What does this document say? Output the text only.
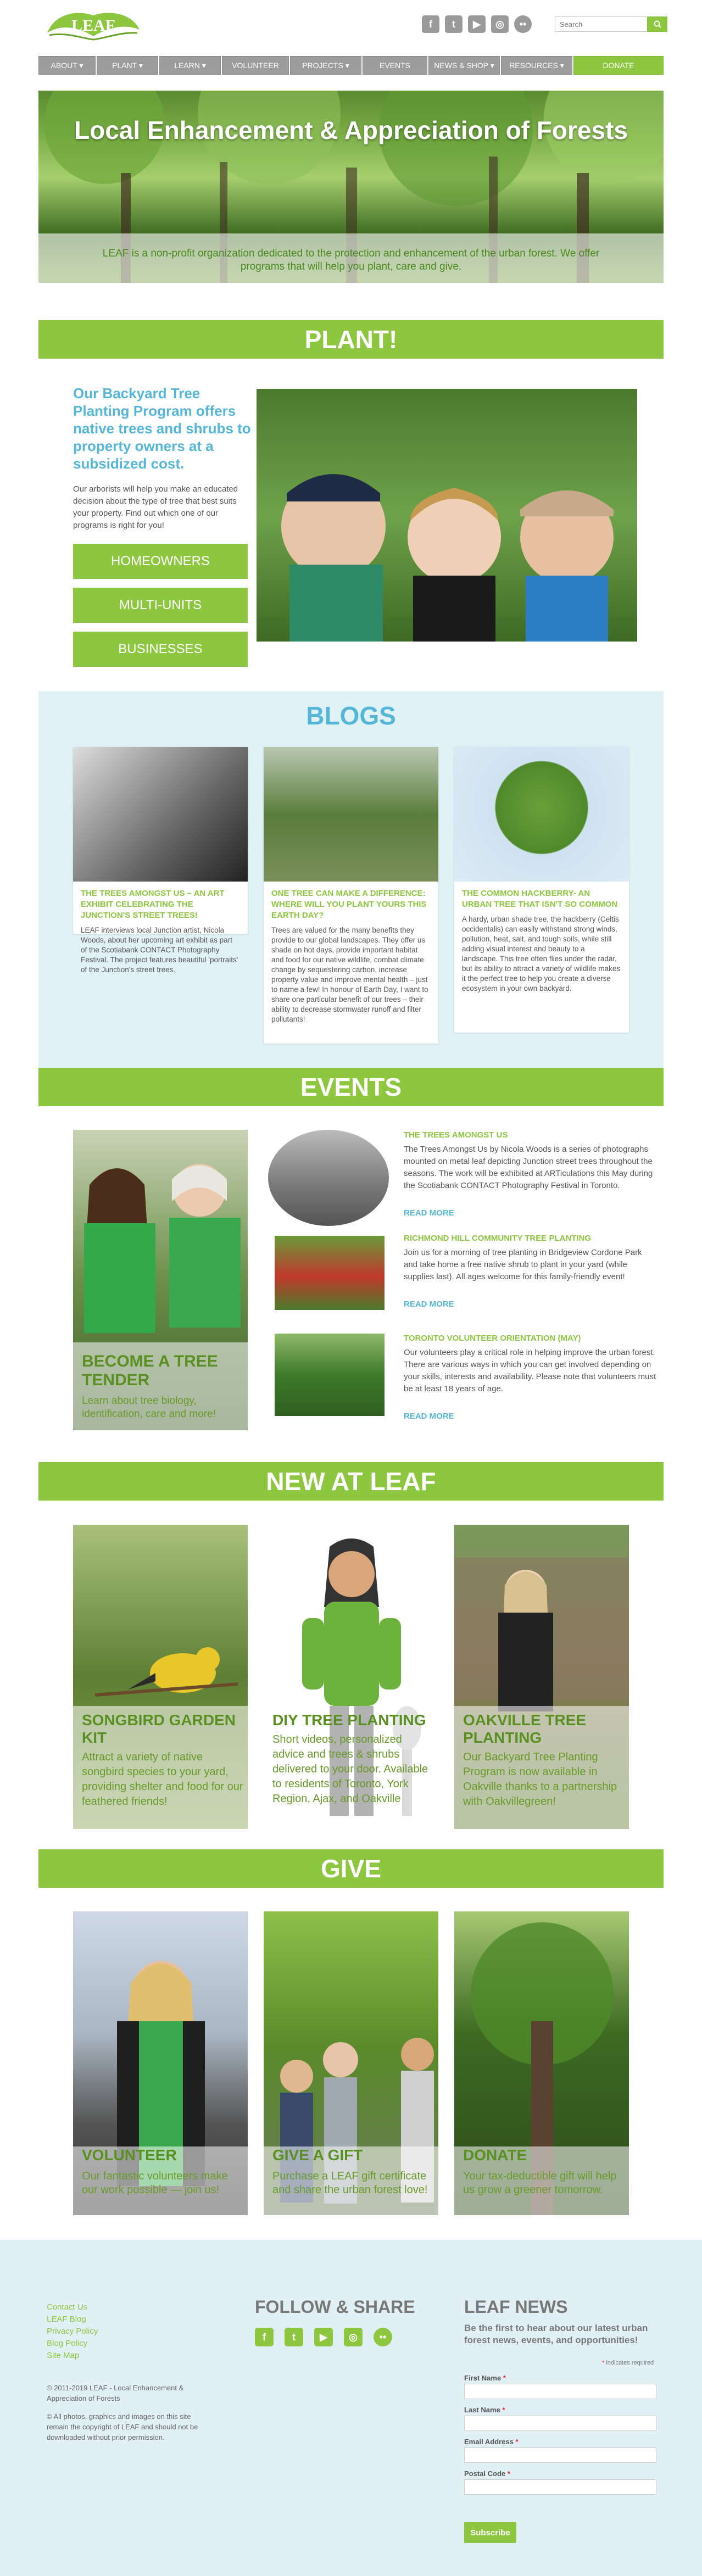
LEAF	f	t	▶	◎	••
Search
ABOUT ▾	PLANT ▾	LEARN ▾	VOLUNTEER	PROJECTS ▾	EVENTS	NEWS & SHOP ▾	RESOURCES ▾	DONATE
Local Enhancement & Appreciation of Forests
LEAF is a non-profit organization dedicated to the protection and enhancement of the urban forest. We offer programs that will help you plant, care and give.
PLANT!
Our Backyard Tree Planting Program offers native trees and shrubs to property owners at a subsidized cost.
Our arborists will help you make an educated decision about the type of tree that best suits your property. Find out which one of our programs is right for you!
HOMEOWNERS
MULTI-UNITS
BUSINESSES
BLOGS
THE TREES AMONGST US – AN ART EXHIBIT CELEBRATING THE JUNCTION'S STREET TREES!
LEAF interviews local Junction artist, Nicola Woods, about her upcoming art exhibit as part of the Scotiabank CONTACT Photography Festival. The project features beautiful 'portraits' of the Junction's street trees.
ONE TREE CAN MAKE A DIFFERENCE: WHERE WILL YOU PLANT YOURS THIS EARTH DAY?
Trees are valued for the many benefits they provide to our global landscapes. They offer us shade on hot days, provide important habitat and food for our native wildlife, combat climate change by sequestering carbon, increase property value and improve mental health – just to name a few! In honour of Earth Day, I want to share one particular benefit of our trees – their ability to decrease stormwater runoff and filter pollutants!
THE COMMON HACKBERRY- AN URBAN TREE THAT ISN'T SO COMMON
A hardy, urban shade tree, the hackberry (Celtis occidentalis) can easily withstand strong winds, pollution, heat, salt, and tough soils, while still adding visual interest and beauty to a landscape. This tree often flies under the radar, but its ability to attract a variety of wildlife makes it the perfect tree to help you create a diverse ecosystem in your own backyard.
EVENTS
BECOME A TREE TENDER
Learn about tree biology, identification, care and more!
THE TREES AMONGST US
The Trees Amongst Us by Nicola Woods is a series of photographs mounted on metal leaf depicting Junction street trees throughout the seasons. The work will be exhibited at ARTiculations this May during the Scotiabank CONTACT Photography Festival in Toronto.
READ MORE
RICHMOND HILL COMMUNITY TREE PLANTING
Join us for a morning of tree planting in Bridgeview Cordone Park and take home a free native shrub to plant in your yard (while supplies last). All ages welcome for this family-friendly event!
READ MORE
TORONTO VOLUNTEER ORIENTATION (MAY)
Our volunteers play a critical role in helping improve the urban forest. There are various ways in which you can get involved depending on your skills, interests and availability. Please note that volunteers must be at least 18 years of age.
READ MORE
NEW AT LEAF
SONGBIRD GARDEN KIT
Attract a variety of native songbird species to your yard, providing shelter and food for our feathered friends!
DIY TREE PLANTING
Short videos, personalized advice and trees & shrubs delivered to your door. Available to residents of Toronto, York Region, Ajax, and Oakville
OAKVILLE TREE PLANTING
Our Backyard Tree Planting Program is now available in Oakville thanks to a partnership with Oakvillegreen!
GIVE
VOLUNTEER
Our fantastic volunteers make our work possible — join us!
GIVE A GIFT
Purchase a LEAF gift certificate and share the urban forest love!
DONATE
Your tax-deductible gift will help us grow a greener tomorrow.
Contact Us
LEAF Blog
Privacy Policy
Blog Policy
Site Map

© 2011-2019 LEAF - Local Enhancement & Appreciation of Forests

© All photos, graphics and images on this site remain the copyright of LEAF and should not be downloaded without prior permission.

FOLLOW & SHARE
f	t	▶	◎	••
LEAF NEWS
Be the first to hear about our latest urban forest news, events, and opportunities!
* indicates required
First Name *
Last Name *
Email Address *
Postal Code *
Subscribe
